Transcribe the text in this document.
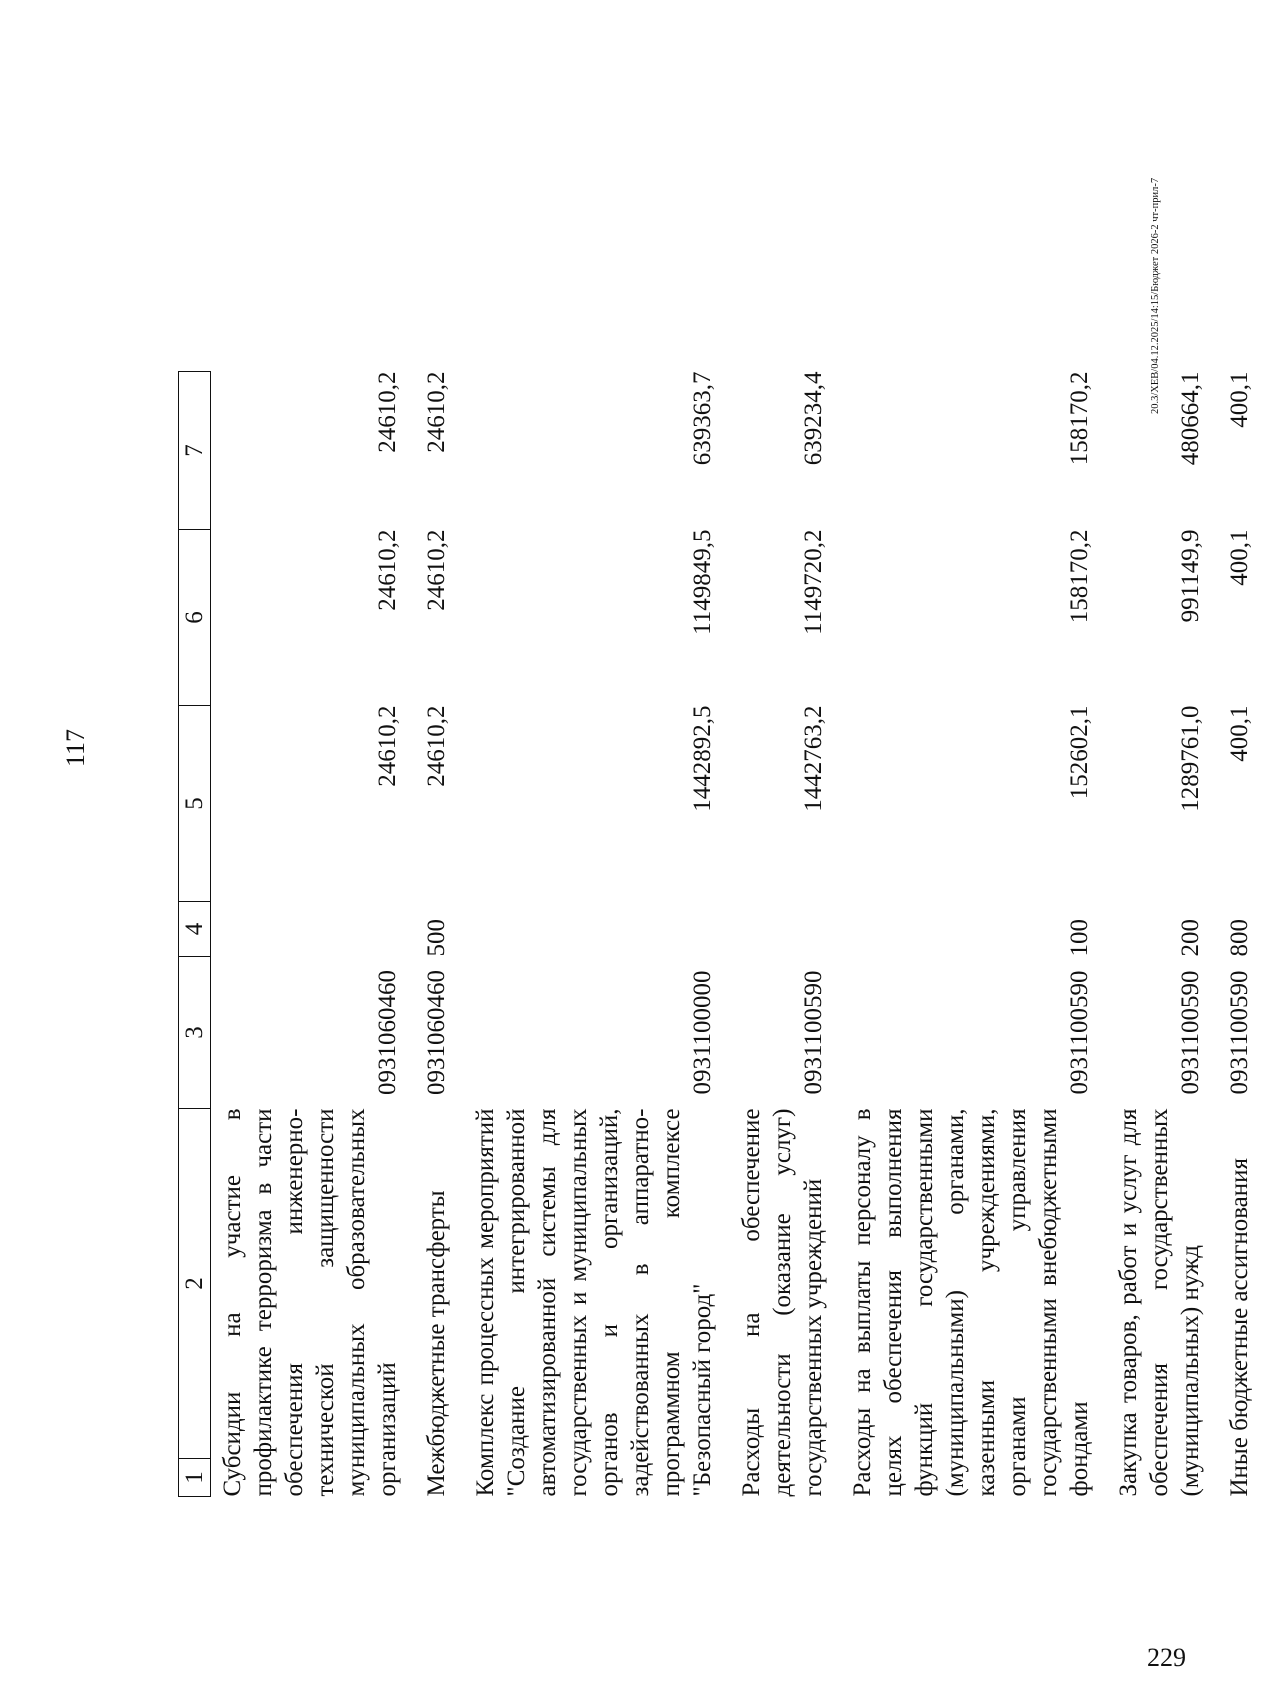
117
1	2	3	4	5	6	7
Субсидии на участие в профилактике терроризма в части обеспечения инженерно-технической защищенности муниципальных образовательных организаций		0931060460		24610,2	24610,2	24610,2
Межбюджетные трансферты		0931060460	500	24610,2	24610,2	24610,2
Комплекс процессных мероприятий "Создание интегрированной автоматизированной системы для государственных и муниципальных органов и организаций, задействованных в аппаратно-программном комплексе "Безопасный город"		0931100000		1442892,5	1149849,5	639363,7
Расходы на обеспечение деятельности (оказание услуг) государственных учреждений		0931100590		1442763,2	1149720,2	639234,4
Расходы на выплаты персоналу в целях обеспечения выполнения функций государственными (муниципальными) органами, казенными учреждениями, органами управления государственными внебюджетными фондами		0931100590	100	152602,1	158170,2	158170,2
Закупка товаров, работ и услуг для обеспечения государственных (муниципальных) нужд		0931100590	200	1289761,0	991149,9	480664,1
Иные бюджетные ассигнования		0931100590	800	400,1	400,1	400,1
20.3/ХЕВ/04.12.2025/14:15/Бюджет 2026-2 чт-прил-7
229
